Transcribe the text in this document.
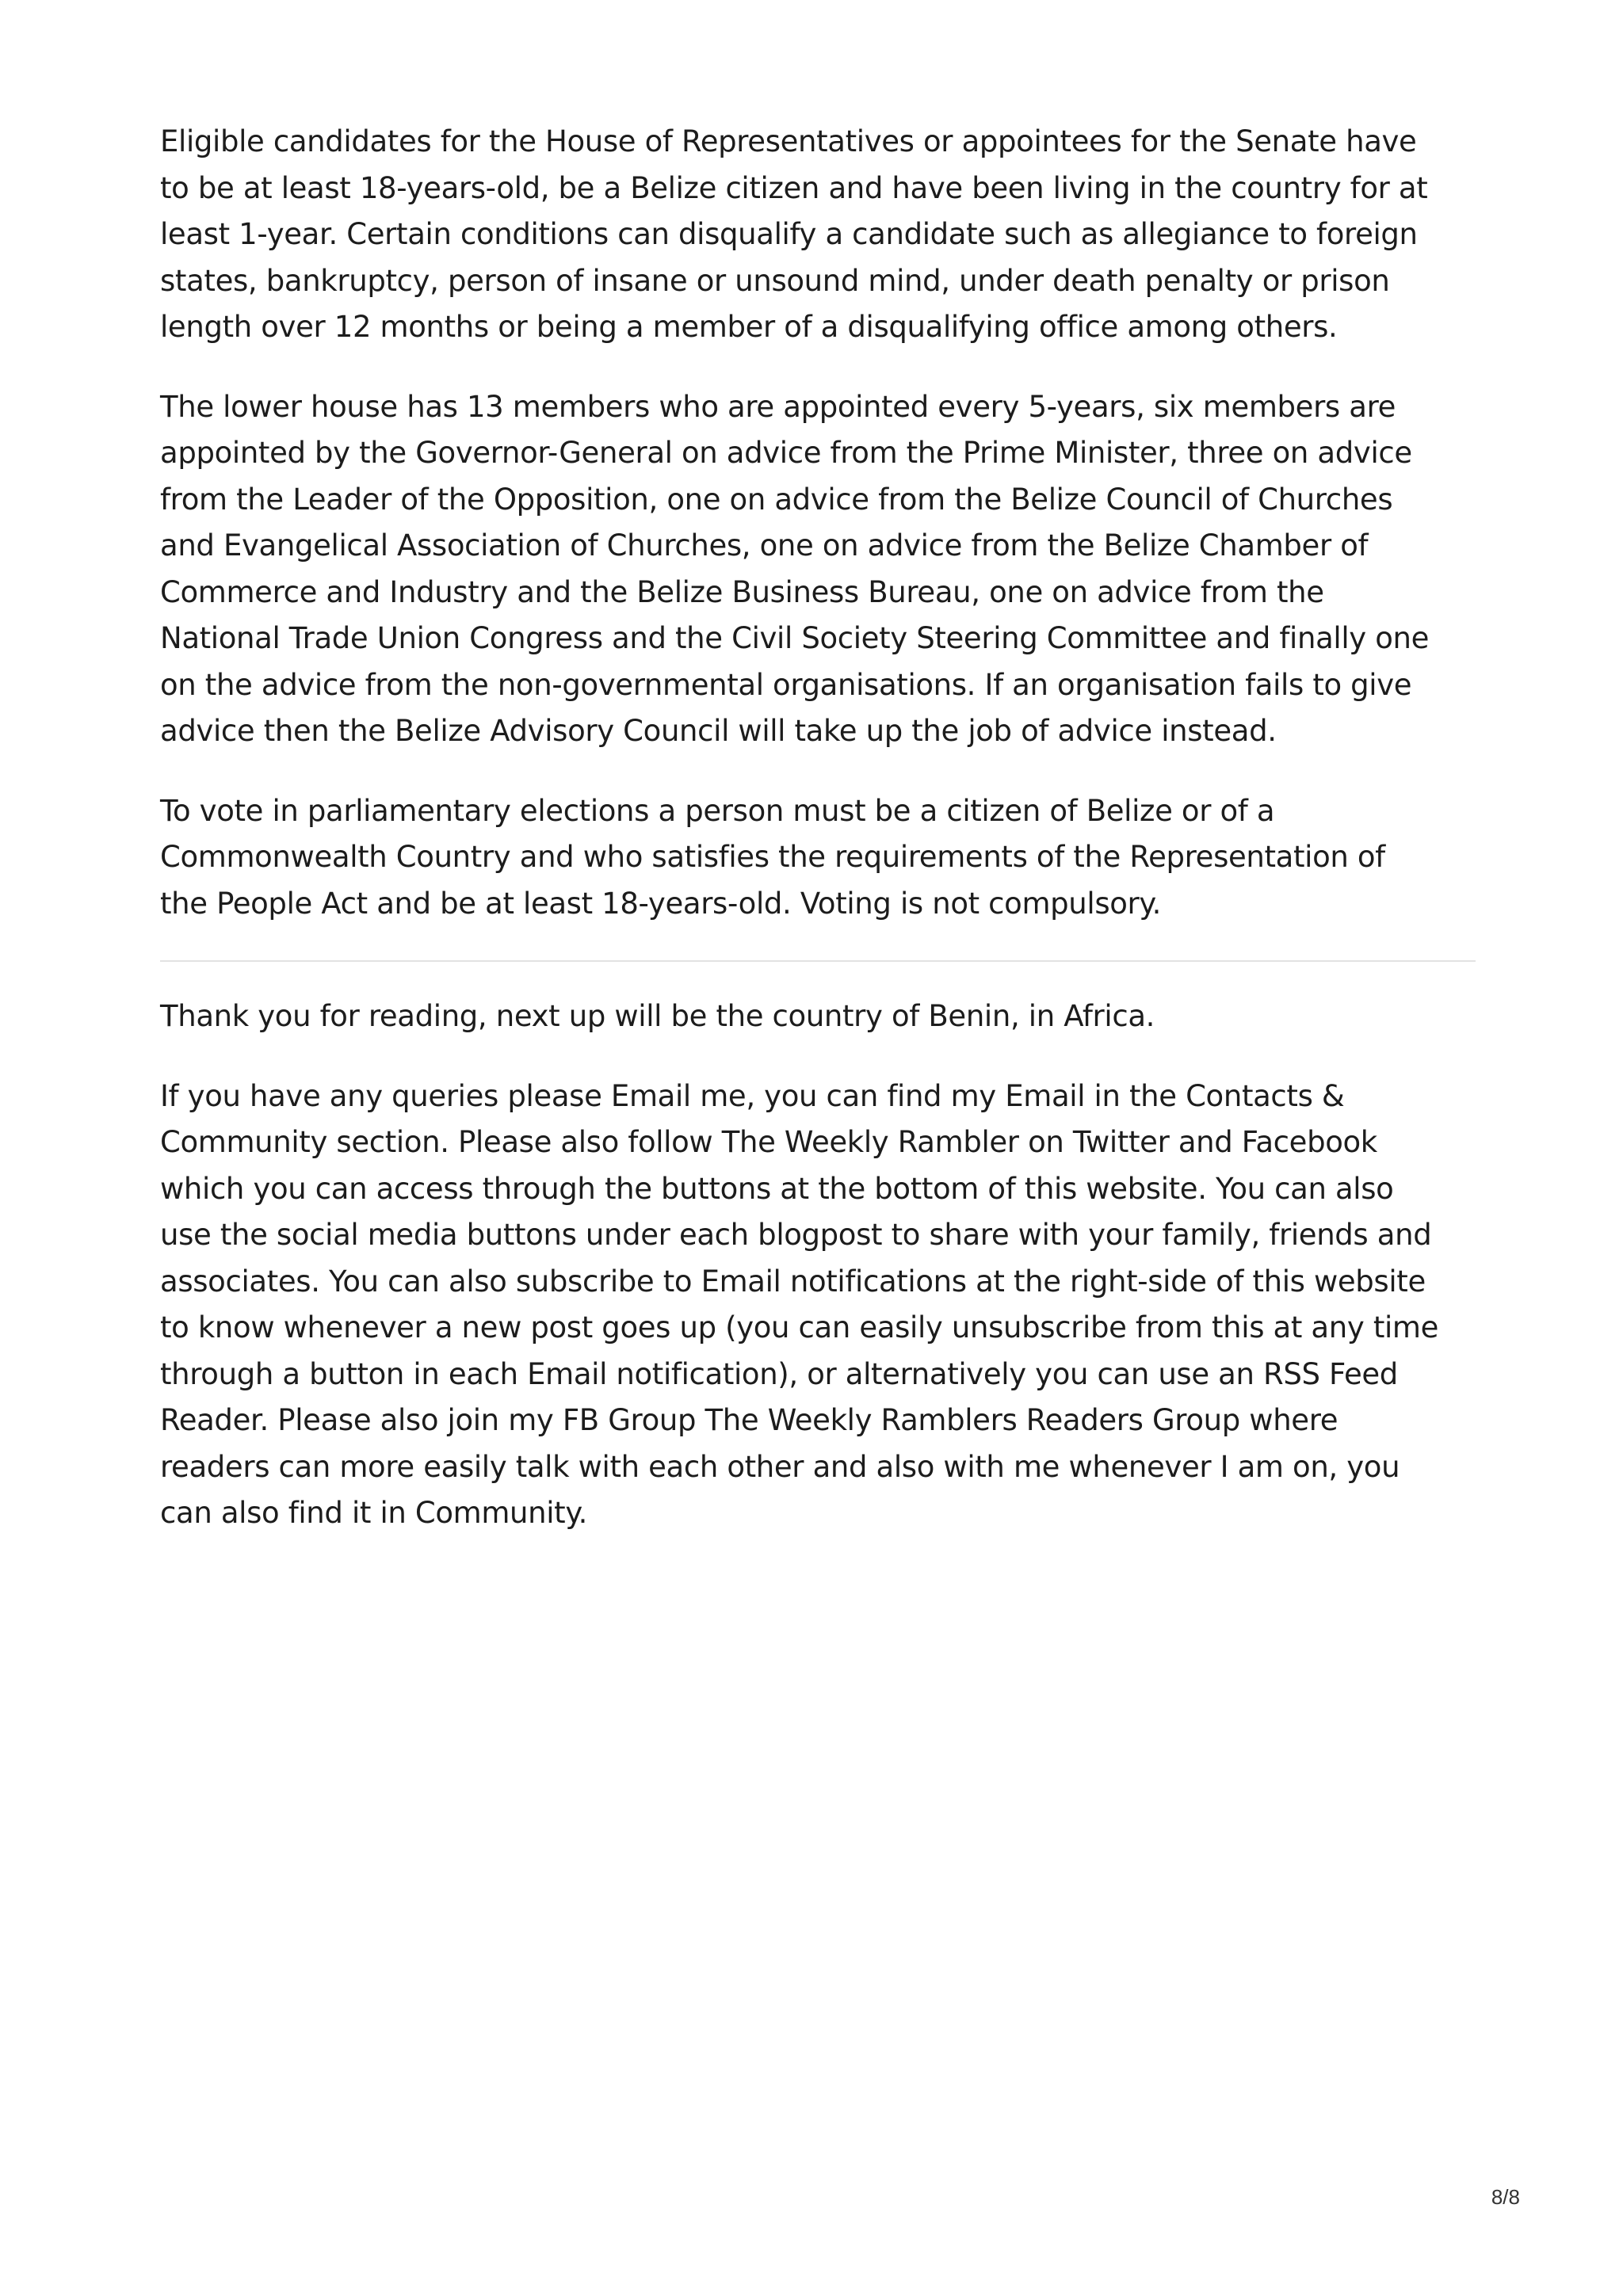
Eligible candidates for the House of Representatives or appointees for the Senate have
to be at least 18-years-old, be a Belize citizen and have been living in the country for at
least 1-year. Certain conditions can disqualify a candidate such as allegiance to foreign
states, bankruptcy, person of insane or unsound mind, under death penalty or prison
length over 12 months or being a member of a disqualifying office among others.

The lower house has 13 members who are appointed every 5-years, six members are
appointed by the Governor-General on advice from the Prime Minister, three on advice
from the Leader of the Opposition, one on advice from the Belize Council of Churches
and Evangelical Association of Churches, one on advice from the Belize Chamber of
Commerce and Industry and the Belize Business Bureau, one on advice from the
National Trade Union Congress and the Civil Society Steering Committee and finally one
on the advice from the non-governmental organisations. If an organisation fails to give
advice then the Belize Advisory Council will take up the job of advice instead.

To vote in parliamentary elections a person must be a citizen of Belize or of a
Commonwealth Country and who satisfies the requirements of the Representation of
the People Act and be at least 18-years-old. Voting is not compulsory.

Thank you for reading, next up will be the country of Benin, in Africa.

If you have any queries please Email me, you can find my Email in the Contacts &
Community section. Please also follow The Weekly Rambler on Twitter and Facebook
which you can access through the buttons at the bottom of this website. You can also
use the social media buttons under each blogpost to share with your family, friends and
associates. You can also subscribe to Email notifications at the right-side of this website
to know whenever a new post goes up (you can easily unsubscribe from this at any time
through a button in each Email notification), or alternatively you can use an RSS Feed
Reader. Please also join my FB Group The Weekly Ramblers Readers Group where
readers can more easily talk with each other and also with me whenever I am on, you
can also find it in Community.

8/8
